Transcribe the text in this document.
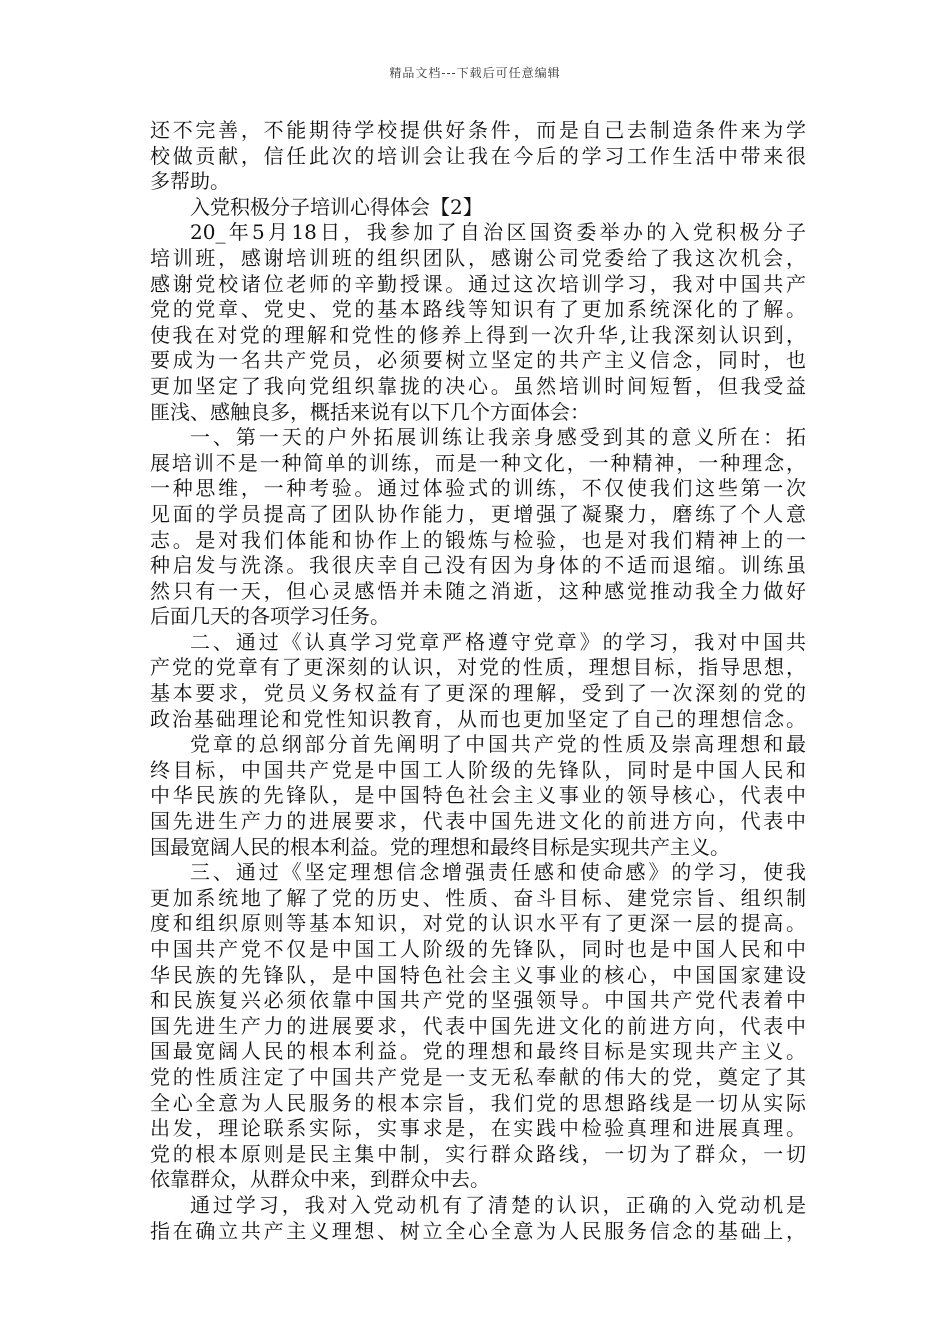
精品文档---下载后可任意编辑
还不完善，不能期待学校提供好条件，而是自己去制造条件来为学
校做贡献，信任此次的培训会让我在今后的学习工作生活中带来很
多帮助。
入党积极分子培训心得体会【2】
20_年5月18日，我参加了自治区国资委举办的入党积极分子
培训班，感谢培训班的组织团队，感谢公司党委给了我这次机会，
感谢党校诸位老师的辛勤授课。通过这次培训学习，我对中国共产
党的党章、党史、党的基本路线等知识有了更加系统深化的了解。
使我在对党的理解和党性的修养上得到一次升华,让我深刻认识到，
要成为一名共产党员，必须要树立坚定的共产主义信念，同时，也
更加坚定了我向党组织靠拢的决心。虽然培训时间短暂，但我受益
匪浅、感触良多，概括来说有以下几个方面体会：
一、第一天的户外拓展训练让我亲身感受到其的意义所在：拓
展培训不是一种简单的训练，而是一种文化，一种精神，一种理念，
一种思维，一种考验。通过体验式的训练，不仅使我们这些第一次
见面的学员提高了团队协作能力，更增强了凝聚力，磨练了个人意
志。是对我们体能和协作上的锻炼与检验，也是对我们精神上的一
种启发与洗涤。我很庆幸自己没有因为身体的不适而退缩。训练虽
然只有一天，但心灵感悟并未随之消逝，这种感觉推动我全力做好
后面几天的各项学习任务。
二、通过《认真学习党章严格遵守党章》的学习，我对中国共
产党的党章有了更深刻的认识，对党的性质，理想目标，指导思想，
基本要求，党员义务权益有了更深的理解，受到了一次深刻的党的
政治基础理论和党性知识教育，从而也更加坚定了自己的理想信念。
党章的总纲部分首先阐明了中国共产党的性质及崇高理想和最
终目标，中国共产党是中国工人阶级的先锋队，同时是中国人民和
中华民族的先锋队，是中国特色社会主义事业的领导核心，代表中
国先进生产力的进展要求，代表中国先进文化的前进方向，代表中
国最宽阔人民的根本利益。党的理想和最终目标是实现共产主义。
三、通过《坚定理想信念增强责任感和使命感》的学习，使我
更加系统地了解了党的历史、性质、奋斗目标、建党宗旨、组织制
度和组织原则等基本知识，对党的认识水平有了更深一层的提高。
中国共产党不仅是中国工人阶级的先锋队，同时也是中国人民和中
华民族的先锋队，是中国特色社会主义事业的核心，中国国家建设
和民族复兴必须依靠中国共产党的坚强领导。中国共产党代表着中
国先进生产力的进展要求，代表中国先进文化的前进方向，代表中
国最宽阔人民的根本利益。党的理想和最终目标是实现共产主义。
党的性质注定了中国共产党是一支无私奉献的伟大的党，奠定了其
全心全意为人民服务的根本宗旨，我们党的思想路线是一切从实际
出发，理论联系实际，实事求是，在实践中检验真理和进展真理。
党的根本原则是民主集中制，实行群众路线，一切为了群众，一切
依靠群众，从群众中来，到群众中去。
通过学习，我对入党动机有了清楚的认识，正确的入党动机是
指在确立共产主义理想、树立全心全意为人民服务信念的基础上，
